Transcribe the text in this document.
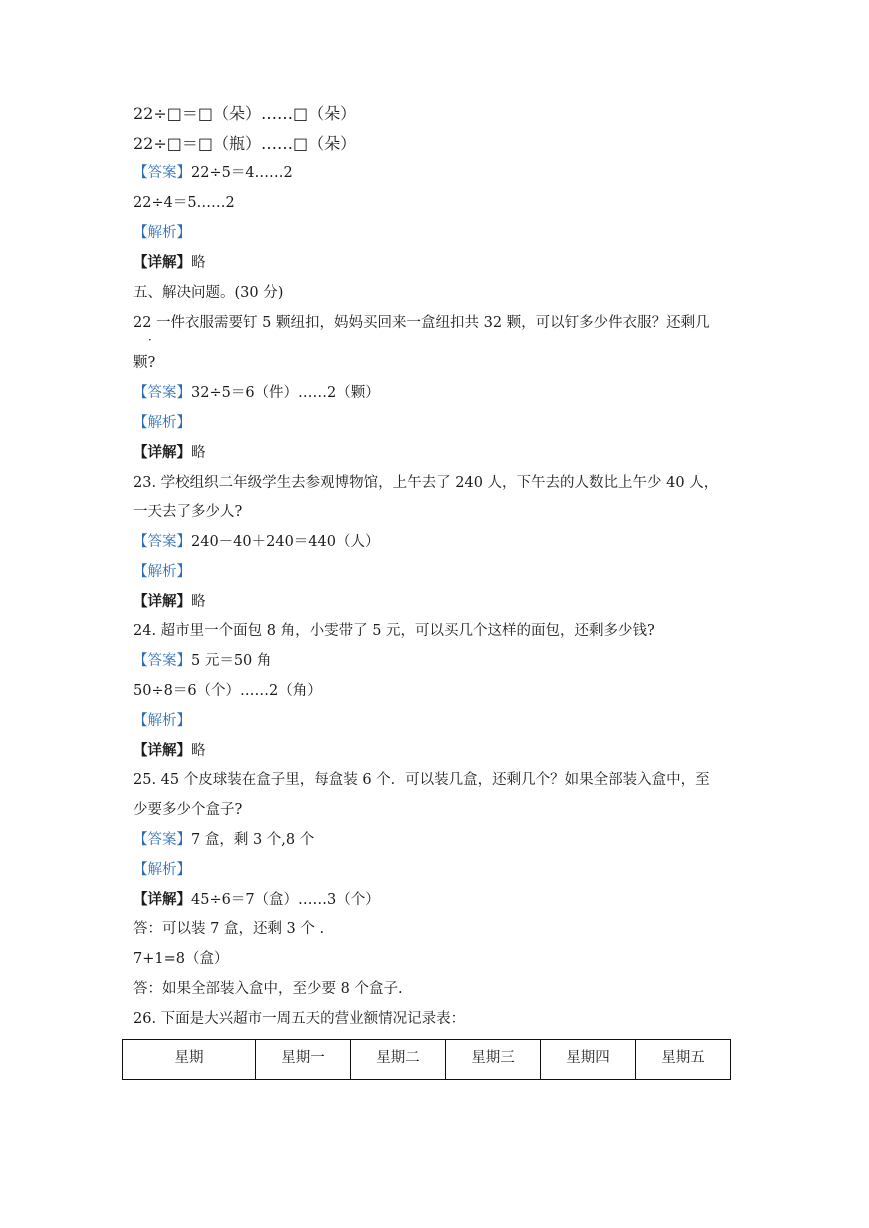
22÷□＝□（朵）……□（朵）
22÷□＝□（瓶）……□（朵）
【答案】22÷5＝4……2
22÷4＝5……2
【解析】
【详解】略
五、解决问题。(30 分)
22 一件衣服需要钉 5 颗纽扣，妈妈买回来一盒纽扣共 32 颗，可以钉多少件衣服？还剩几
·
颗?
【答案】32÷5＝6（件）……2（颗）
【解析】
【详解】略
23. 学校组织二年级学生去参观博物馆，上午去了 240 人，下午去的人数比上午少 40 人，
一天去了多少人?
【答案】240－40＋240＝440（人）
【解析】
【详解】略
24. 超市里一个面包 8 角，小雯带了 5 元，可以买几个这样的面包，还剩多少钱?
【答案】5 元＝50 角
50÷8＝6（个）……2（角）
【解析】
【详解】略
25. 45 个皮球装在盒子里，每盒装 6 个．可以装几盒，还剩几个？如果全部装入盒中，至
少要多少个盒子?
【答案】7 盒，剩 3 个,8 个
【解析】
【详解】45÷6＝7（盒）……3（个）
答：可以装 7 盒，还剩 3 个 .
7+1=8（盒）
答：如果全部装入盒中，至少要 8 个盒子.
26. 下面是大兴超市一周五天的营业额情况记录表：
星期	星期一	星期二	星期三	星期四	星期五
